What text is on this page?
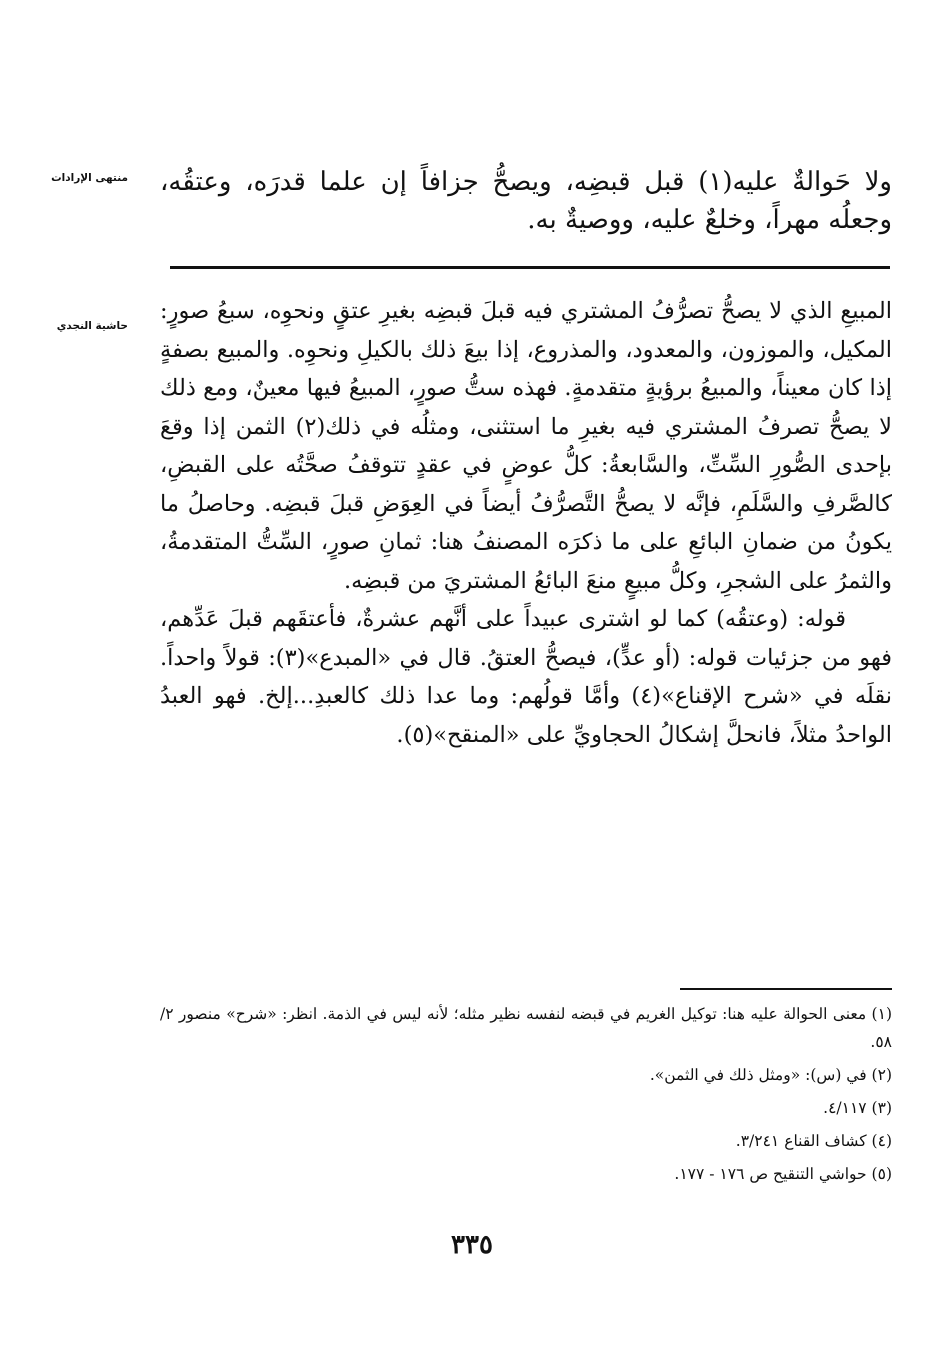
منتهى الإرادات ولا حَوالةٌ عليه(١) قبل قبضِه، ويصحُّ جزافاً إن علما قدرَه، وعتقُه، وجعلُه مهراً، وخلعٌ عليه، ووصيةٌ به.
حاشية النجدي

المبيعِ الذي لا يصحُّ تصرُّفُ المشتري فيه قبلَ قبضِه بغيرِ عتقٍ ونحوِه، سبعُ صورٍ: المكيل، والموزون، والمعدود، والمذروع، إذا بيعَ ذلك بالكيلِ ونحوِه. والمبيع بصفةٍ إذا كان معيناً، والمبيعُ برؤيةٍ متقدمةٍ. فهذه ستُّ صورٍ، المبيعُ فيها معينٌ، ومع ذلك لا يصحُّ تصرفُ المشتري فيه بغيرِ ما استثنى، ومثلُه في ذلك(٢) الثمن إذا وقعَ بإحدى الصُّورِ السِّتِّ، والسَّابعةُ: كلُّ عوضٍ في عقدٍ تتوقفُ صحَّتُه على القبضِ، كالصَّرفِ والسَّلَمِ، فإنَّه لا يصحُّ التَّصرُّفُ أيضاً في العِوَضِ قبلَ قبضِه. وحاصلُ ما يكونُ من ضمانِ البائعِ على ما ذكرَه المصنفُ هنا: ثمانِ صورٍ، السِّتُّ المتقدمةُ، والثمرُ على الشجرِ، وكلُّ مبيعٍ منعَ البائعُ المشتريَ من قبضِه.

قوله: (وعتقُه) كما لو اشترى عبيداً على أنَّهم عشرةٌ، فأعتقَهم قبلَ عَدِّهم، فهو من جزئيات قوله: (أو عدٍّ)، فيصحُّ العتقُ. قال في «المبدع»(٣): قولاً واحداً. نقلَه في «شرح الإقناع»(٤) وأمَّا قولُهم: وما عدا ذلك كالعبدِ...إلخ. فهو العبدُ الواحدُ مثلاً، فانحلَّ إشكالُ الحجاويِّ على «المنقح»(٥).

(١) معنى الحوالة عليه هنا: توكيل الغريم في قبضه لنفسه نظير مثله؛ لأنه ليس في الذمة. انظر: «شرح» منصور ٢/ ٥٨.

(٢) في (س): «ومثل ذلك في الثمن».

(٣) ٤/١١٧.

(٤) كشاف القناع ٣/٢٤١.

(٥) حواشي التنقيح ص ١٧٦ - ١٧٧.

٣٣٥
